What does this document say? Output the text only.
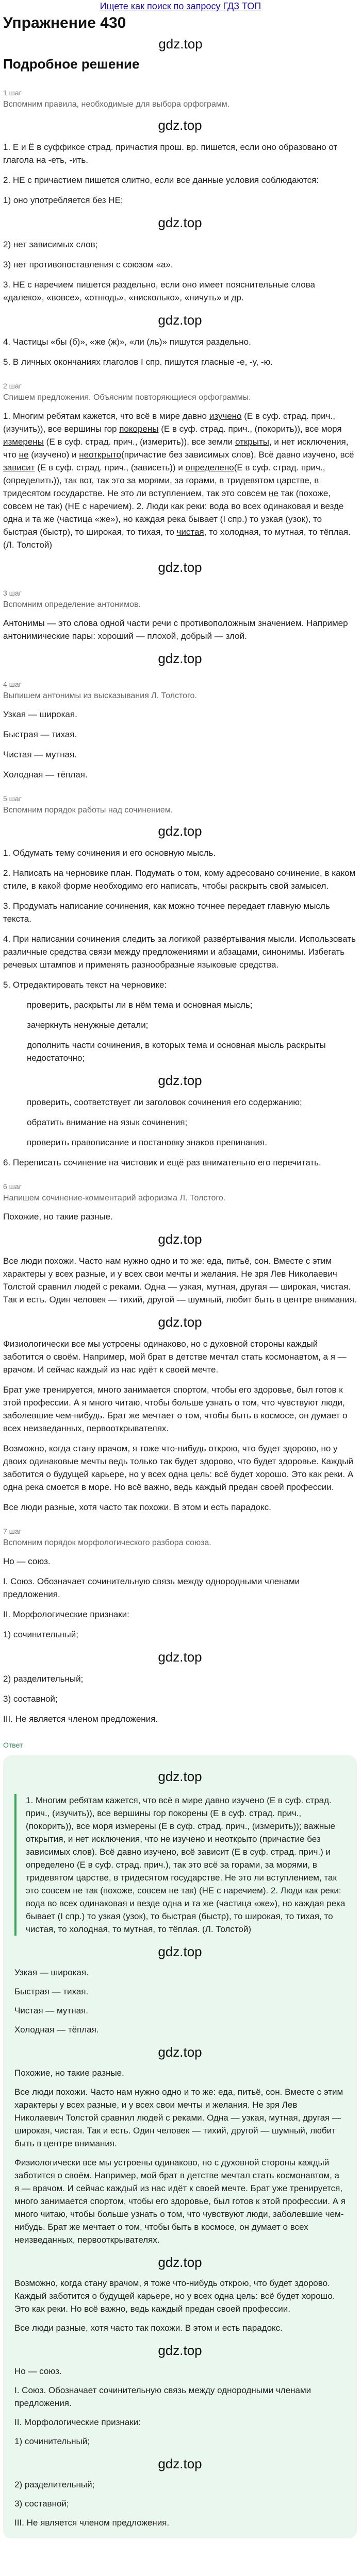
Ищете как поиск по запросу ГДЗ ТОП
Упражнение 430
gdz.top
Подробное решение
1 шаг
Вспомним правила, необходимые для выбора орфограмм.
gdz.top

1. Е и Ё в суффиксе страд. причастия прош. вр. пишется, если оно образовано от глагола на -еть, -ить.

2. НЕ с причастием пишется слитно, если все данные условия соблюдаются:

1) оно употребляется без НЕ;

gdz.top

2) нет зависимых слов;

3) нет противопоставления с союзом «а».

3. НЕ с наречием пишется раздельно, если оно имеет пояснительные слова «далеко», «вовсе», «отнюдь», «нисколько», «ничуть» и др.

gdz.top

4. Частицы «бы (б)», «же (ж)», «ли (ль)» пишутся раздельно.

5. В личных окончаниях глаголов I спр. пишутся гласные -е, -у, -ю.

2 шаг
Спишем предложения. Объясним повторяющиеся орфограммы.

1. Многим ребятам кажется, что всё в мире давно изучено (Е в суф. страд. прич., (изучить)), все вершины гор покорены (Е в суф. страд. прич., (покорить)), все моря измерены (Е в суф. страд. прич., (измерить)), все земли открыты, и нет исключения, что не (изучено) и неоткрыто(причастие без зависимых слов). Всё давно изучено, всё зависит (Е в суф. страд. прич., (зависеть)) и определено(Е в суф. страд. прич., (определить)), так вот, так это за морями, за горами, в тридевятом царстве, в тридесятом государстве. Не это ли вступлением, так это совсем не так (похоже, совсем не так) (НЕ с наречием). 2. Люди как реки: вода во всех одинаковая и везде одна и та же (частица «же»), но каждая река бывает (I спр.) то узкая (узок), то быстрая (быстр), то широкая, то тихая, то чистая, то холодная, то мутная, то тёплая. (Л. Толстой)

gdz.top
3 шаг
Вспомним определение антонимов.

Антонимы — это слова одной части речи с противоположным значением. Например антонимические пары: хороший — плохой, добрый — злой.

gdz.top
4 шаг
Выпишем антонимы из высказывания Л. Толстого.

Узкая — широкая.

Быстрая — тихая.

Чистая — мутная.

Холодная — тёплая.

5 шаг
Вспомним порядок работы над сочинением.
gdz.top

1. Обдумать тему сочинения и его основную мысль.

2. Написать на черновике план. Подумать о том, кому адресовано сочинение, в каком стиле, в какой форме необходимо его написать, чтобы раскрыть свой замысел.

3. Продумать написание сочинения, как можно точнее передает главную мысль текста.

4. При написании сочинения следить за логикой развёртывания мысли. Использовать различные средства связи между предложениями и абзацами, синонимы. Избегать речевых штампов и применять разнообразные языковые средства.

5. Отредактировать текст на черновике:

проверить, раскрыты ли в нём тема и основная мысль;

зачеркнуть ненужные детали;

дополнить части сочинения, в которых тема и основная мысль раскрыты недостаточно;

gdz.top

проверить, соответствует ли заголовок сочинения его содержанию;

обратить внимание на язык сочинения;

проверить правописание и постановку знаков препинания.

6. Переписать сочинение на чистовик и ещё раз внимательно его перечитать.

6 шаг
Напишем сочинение-комментарий афоризма Л. Толстого.

Похожие, но такие разные.

gdz.top

Все люди похожи. Часто нам нужно одно и то же: еда, питьё, сон. Вместе с этим характеры у всех разные, и у всех свои мечты и желания. Не зря Лев Николаевич Толстой сравнил людей с реками. Одна — узкая, мутная, другая — широкая, чистая. Так и есть. Один человек — тихий, другой — шумный, любит быть в центре внимания.

gdz.top

Физиологически все мы устроены одинаково, но с духовной стороны каждый заботится о своём. Например, мой брат в детстве мечтал стать космонавтом, а я — врачом. И сейчас каждый из нас идёт к своей мечте.

Брат уже тренируется, много занимается спортом, чтобы его здоровье, был готов к этой профессии. А я много читаю, чтобы больше узнать о том, что чувствуют люди, заболевшие чем-нибудь. Брат же мечтает о том, чтобы быть в космосе, он думает о всех неизведанных, первооткрывателях.

Возможно, когда стану врачом, я тоже что-нибудь открою, что будет здорово, но у двоих одинаковые мечты ведь только так будет здорово, что будет здоровье. Каждый заботится о будущей карьере, но у всех одна цель: всё будет хорошо. Это как реки. А одна река смоется в море. Но всё важно, ведь каждый предан своей профессии.

Все люди разные, хотя часто так похожи. В этом и есть парадокс.

7 шаг
Вспомним порядок морфологического разбора союза.

Но — союз.

I. Союз. Обозначает сочинительную связь между однородными членами предложения.

II. Морфологические признаки:

1) сочинительный;

gdz.top

2) разделительный;

3) составной;

III. Не является членом предложения.

Ответ
gdz.top

1. Многим ребятам кажется, что всё в мире давно изучено (Е в суф. страд. прич., (изучить)), все вершины гор покорены (Е в суф. страд. прич., (покорить)), все моря измерены (Е в суф. страд. прич., (измерить)); важные открытия, и нет исключения, что не изучено и неоткрыто (причастие без зависимых слов). Всё давно изучено, всё зависит (Е в суф. страд. прич.) и определено (Е в суф. страд. прич.), так это всё за горами, за морями, в тридевятом царстве, в тридесятом государстве. Не это ли вступлением, так это совсем не так (похоже, совсем не так) (НЕ с наречием). 2. Люди как реки: вода во всех одинаковая и везде одна и та же (частица «же»), но каждая река бывает (I спр.) то узкая (узок), то быстрая (быстр), то широкая, то тихая, то чистая, то холодная, то мутная, то тёплая. (Л. Толстой)

gdz.top

Узкая — широкая.

Быстрая — тихая.

Чистая — мутная.

Холодная — тёплая.

gdz.top

Похожие, но такие разные.

Все люди похожи. Часто нам нужно одно и то же: еда, питьё, сон. Вместе с этим характеры у всех разные, и у всех свои мечты и желания. Не зря Лев Николаевич Толстой сравнил людей с реками. Одна — узкая, мутная, другая — широкая, чистая. Так и есть. Один человек — тихий, другой — шумный, любит быть в центре внимания.

Физиологически все мы устроены одинаково, но с духовной стороны каждый заботится о своём. Например, мой брат в детстве мечтал стать космонавтом, а я — врачом. И сейчас каждый из нас идёт к своей мечте. Брат уже тренируется, много занимается спортом, чтобы его здоровье, был готов к этой профессии. А я много читаю, чтобы больше узнать о том, что чувствуют люди, заболевшие чем-нибудь. Брат же мечтает о том, чтобы быть в космосе, он думает о всех неизведанных, первооткрывателях.

gdz.top

Возможно, когда стану врачом, я тоже что-нибудь открою, что будет здорово. Каждый заботится о будущей карьере, но у всех одна цель: всё будет хорошо. Это как реки. Но всё важно, ведь каждый предан своей профессии.

Все люди разные, хотя часто так похожи. В этом и есть парадокс.

gdz.top

Но — союз.

I. Союз. Обозначает сочинительную связь между однородными членами предложения.

II. Морфологические признаки:

1) сочинительный;

gdz.top

2) разделительный;

3) составной;

III. Не является членом предложения.
